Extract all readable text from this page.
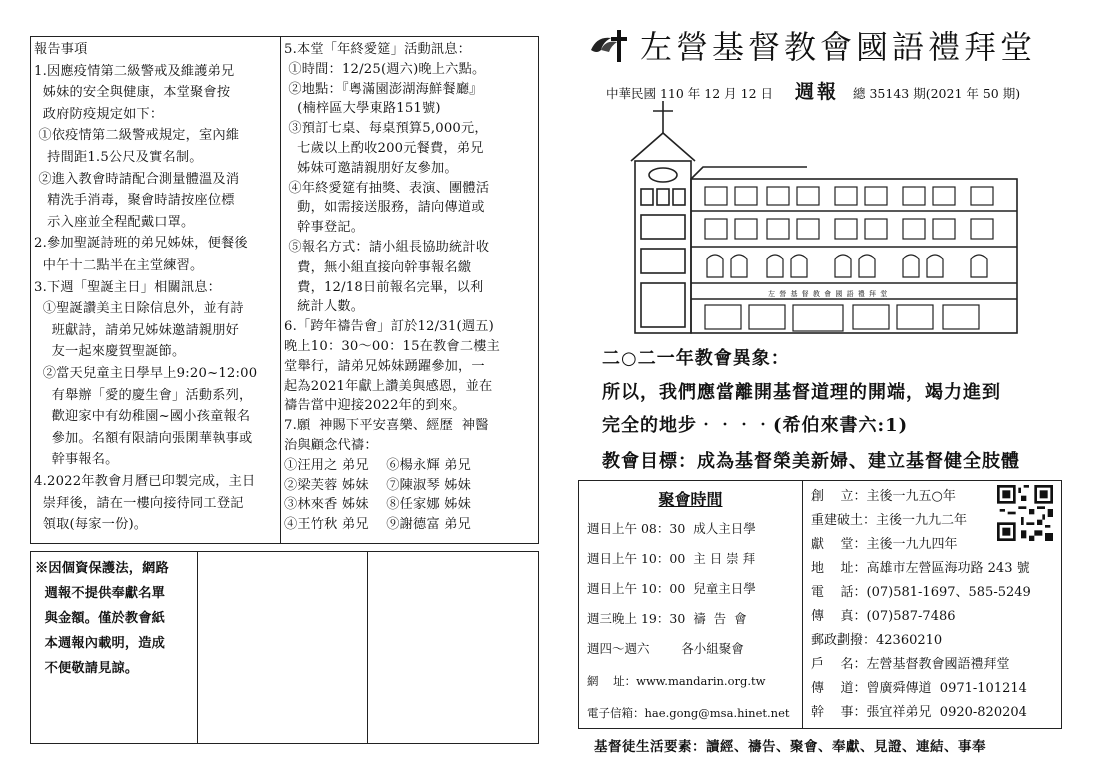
報告事項
1.因應疫情第二級警戒及維護弟兄
姊妹的安全與健康，本堂聚會按
政府防疫規定如下：
①依疫情第二級警戒規定，室內維
持間距1.5公尺及實名制。
②進入教會時請配合測量體溫及消
精洗手消毒，聚會時請按座位標
示入座並全程配戴口罩。
2.參加聖誕詩班的弟兄姊妹，便餐後
中午十二點半在主堂練習。
3.下週「聖誕主日」相關訊息：
①聖誕讚美主日除信息外，並有詩
班獻詩，請弟兄姊妹邀請親朋好
友一起來慶賀聖誕節。
②當天兒童主日學早上9:20~12:00
有舉辦「愛的慶生會」活動系列，
歡迎家中有幼稚園~國小孩童報名
參加。名額有限請向張閑華執事或
幹事報名。
4.2022年教會月曆已印製完成，主日
崇拜後，請在一樓向接待同工登記
領取(每家一份)。
5.本堂「年終愛筵」活動訊息：
①時間：12/25(週六)晚上六點。
②地點：『粵滿園澎湖海鮮餐廳』
(楠梓區大學東路151號)
③預訂七桌、每桌預算5,000元，
七歲以上酌收200元餐費，弟兄
姊妹可邀請親朋好友參加。
④年終愛筵有抽獎、表演、團體活
動，如需接送服務，請向傳道或
幹事登記。
⑤報名方式：請小組長協助統計收
費，無小組直接向幹事報名繳
費，12/18日前報名完畢，以利
統計人數。
6.「跨年禱告會」訂於12/31(週五)
晚上10：30～00：15在教會二樓主
堂舉行，請弟兄姊妹踴躍參加，一
起為2021年獻上讚美與感恩，並在
禱告當中迎接2022年的到來。
7.願  神賜下平安喜樂、經歷  神醫
治與顧念代禱：
①汪用之 弟兄    ⑥楊永輝 弟兄
②梁芙蓉 姊妹    ⑦陳淑琴 姊妹
③林來香 姊妹    ⑧任家娜 姊妹
④王竹秋 弟兄    ⑨謝德富 弟兄
※因個資保護法，網路
週報不提供奉獻名單
與金額。僅於教會紙
本週報內載明，造成
不便敬請見諒。
左營基督教會國語禮拜堂
中華民國 110 年 12 月 12 日 週報 總 35143 期(2021 年 50 期)
左 營 基 督 教 會 國 語 禮 拜 堂
二○二一年教會異象：
所以，我們應當離開基督道理的開端，竭力進到
完全的地步‧‧‧‧(希伯來書六:1)
教會目標：成為基督榮美新婦、建立基督健全肢體
聚會時間
週日上午 08：30  成人主日學
週日上午 10：00  主 日 崇 拜
週日上午 10：00  兒童主日學
週三晚上 19：30  禱  告  會
週四～週六        各小組聚會
網    址：www.mandarin.org.tw
電子信箱：hae.gong@msa.hinet.net
創    立：主後一九五○年
重建破土：主後一九九二年
獻    堂：主後一九九四年
地    址：高雄市左營區海功路 243 號
電    話：(07)581-1697、585-5249
傳    真：(07)587-7486
郵政劃撥：42360210
戶    名：左營基督教會國語禮拜堂
傳    道：曾廣舜傳道  0971-101214
幹    事：張宜祥弟兄  0920-820204
基督徒生活要素：讀經、禱告、聚會、奉獻、見證、連結、事奉
